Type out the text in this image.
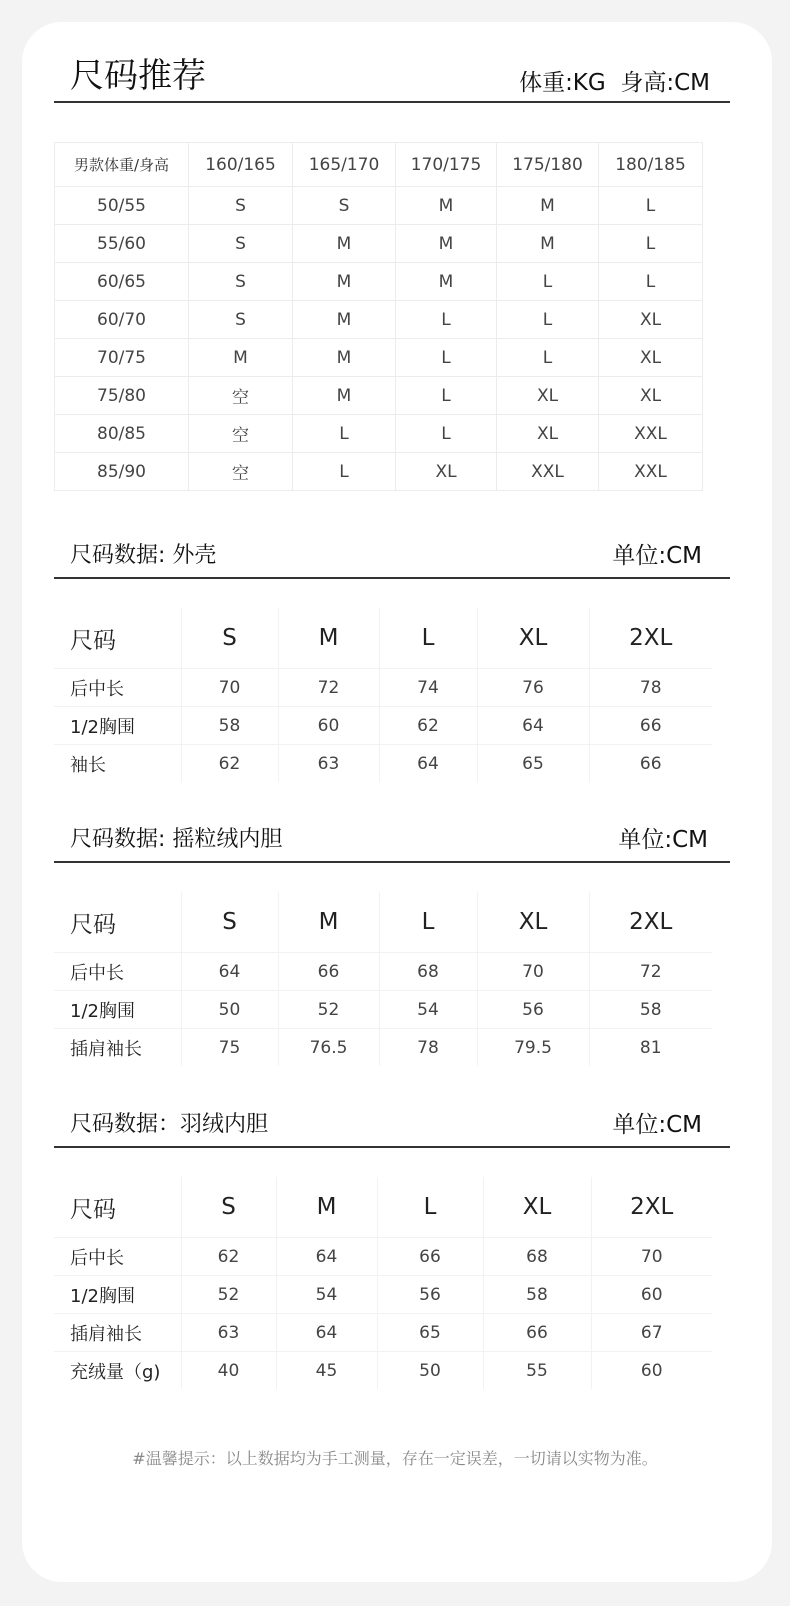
尺码推荐	体重:KG  身高:CM
男款体重/身高	160/165	165/170	170/175	175/180	180/185
50/55	S	S	M	M	L
55/60	S	M	M	M	L
60/65	S	M	M	L	L
60/70	S	M	L	L	XL
70/75	M	M	L	L	XL
75/80	空	M	L	XL	XL
80/85	空	L	L	XL	XXL
85/90	空	L	XL	XXL	XXL
尺码数据: 外壳	单位:CM
尺码	S	M	L	XL	2XL
后中长	70	72	74	76	78
1/2胸围	58	60	62	64	66
袖长	62	63	64	65	66
尺码数据: 摇粒绒内胆	单位:CM
尺码	S	M	L	XL	2XL
后中长	64	66	68	70	72
1/2胸围	50	52	54	56	58
插肩袖长	75	76.5	78	79.5	81
尺码数据：羽绒内胆	单位:CM
尺码	S	M	L	XL	2XL
后中长	62	64	66	68	70
1/2胸围	52	54	56	58	60
插肩袖长	63	64	65	66	67
充绒量（g)	40	45	50	55	60
#温馨提示：以上数据均为手工测量，存在一定误差，一切请以实物为准。
